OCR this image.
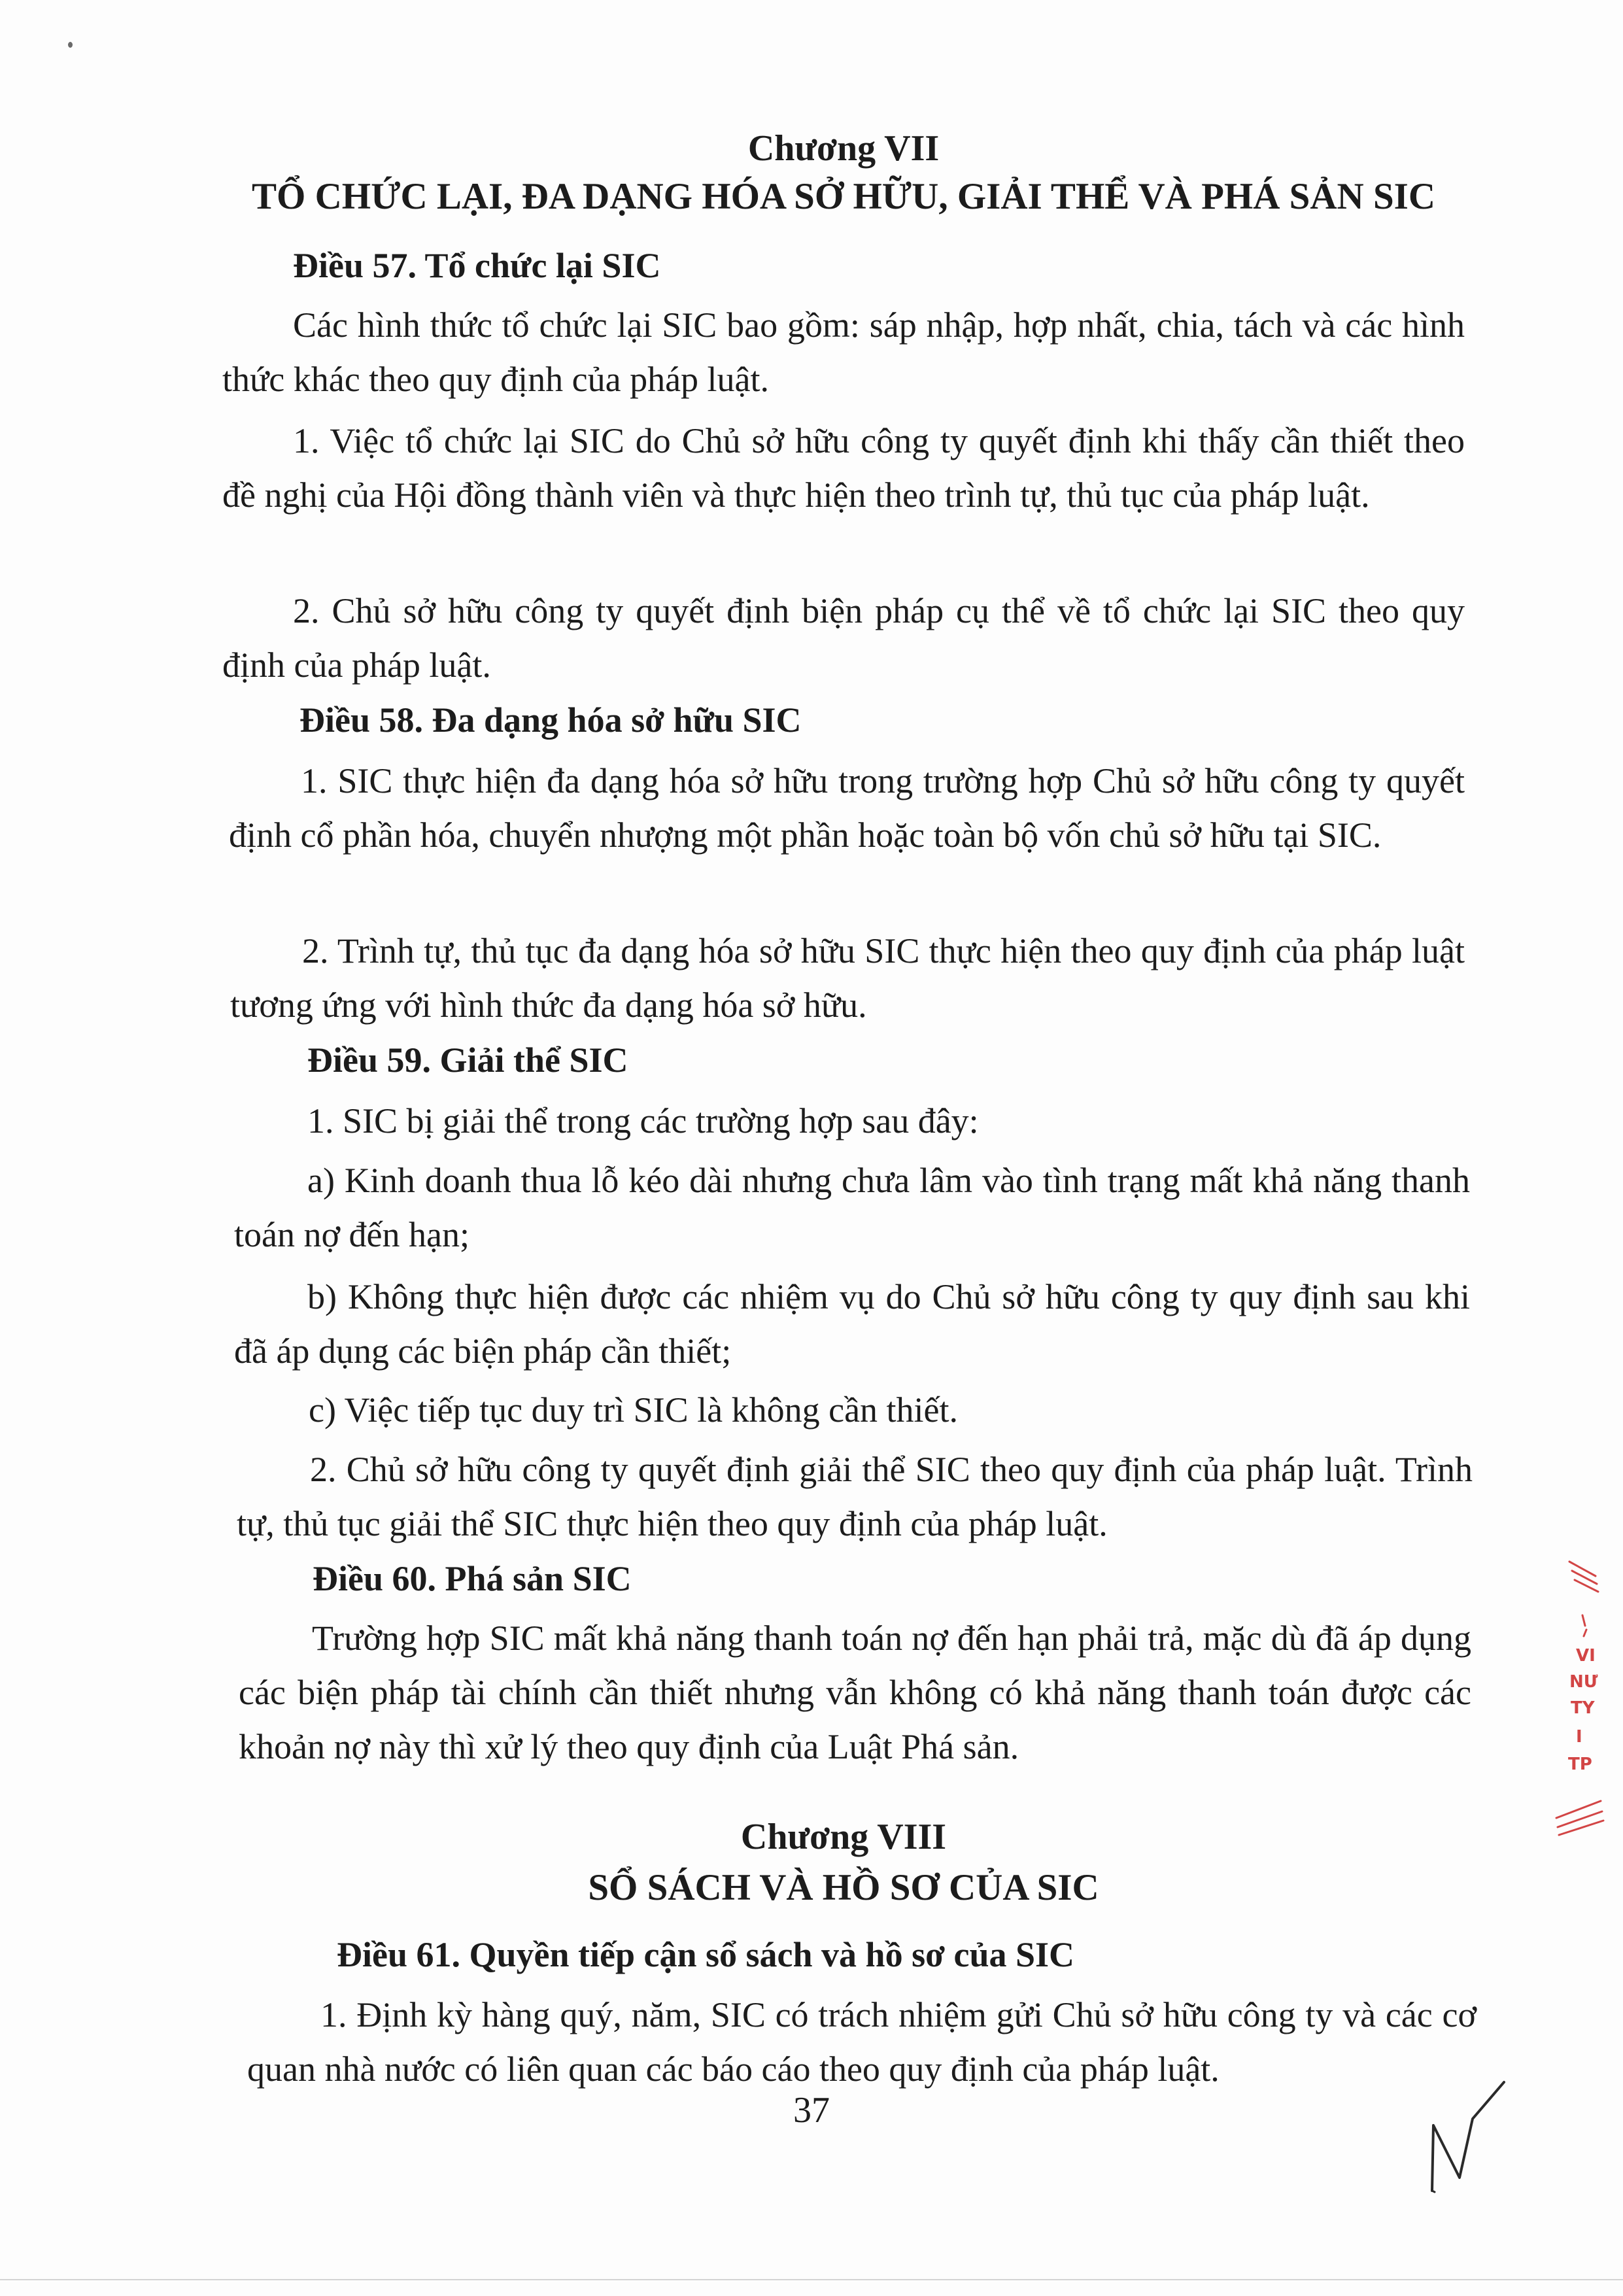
Chương VII
TỔ CHỨC LẠI, ĐA DẠNG HÓA SỞ HỮU, GIẢI THỂ VÀ PHÁ SẢN SIC
Điều 57. Tổ chức lại SIC

Các hình thức tổ chức lại SIC bao gồm: sáp nhập, hợp nhất, chia, tách và các hình thức khác theo quy định của pháp luật.

1. Việc tổ chức lại SIC do Chủ sở hữu công ty quyết định khi thấy cần thiết theo đề nghị của Hội đồng thành viên và thực hiện theo trình tự, thủ tục của pháp luật.

2. Chủ sở hữu công ty quyết định biện pháp cụ thể về tổ chức lại SIC theo quy định của pháp luật.

Điều 58. Đa dạng hóa sở hữu SIC

1. SIC thực hiện đa dạng hóa sở hữu trong trường hợp Chủ sở hữu công ty quyết định cổ phần hóa, chuyển nhượng một phần hoặc toàn bộ vốn chủ sở hữu tại SIC.

2. Trình tự, thủ tục đa dạng hóa sở hữu SIC thực hiện theo quy định của pháp luật tương ứng với hình thức đa dạng hóa sở hữu.

Điều 59. Giải thể SIC

1. SIC bị giải thể trong các trường hợp sau đây:

a) Kinh doanh thua lỗ kéo dài nhưng chưa lâm vào tình trạng mất khả năng thanh toán nợ đến hạn;

b) Không thực hiện được các nhiệm vụ do Chủ sở hữu công ty quy định sau khi đã áp dụng các biện pháp cần thiết;

c) Việc tiếp tục duy trì SIC là không cần thiết.

2. Chủ sở hữu công ty quyết định giải thể SIC theo quy định của pháp luật. Trình tự, thủ tục giải thể SIC thực hiện theo quy định của pháp luật.

Điều 60. Phá sản SIC

Trường hợp SIC mất khả năng thanh toán nợ đến hạn phải trả, mặc dù đã áp dụng các biện pháp tài chính cần thiết nhưng vẫn không có khả năng thanh toán được các khoản nợ này thì xử lý theo quy định của Luật Phá sản.

Chương VIII
SỔ SÁCH VÀ HỒ SƠ CỦA SIC
Điều 61. Quyền tiếp cận sổ sách và hồ sơ của SIC

1. Định kỳ hàng quý, năm, SIC có trách nhiệm gửi Chủ sở hữu công ty và các cơ quan nhà nước có liên quan các báo cáo theo quy định của pháp luật.

37
VI
NƯ
TY
I
TP
